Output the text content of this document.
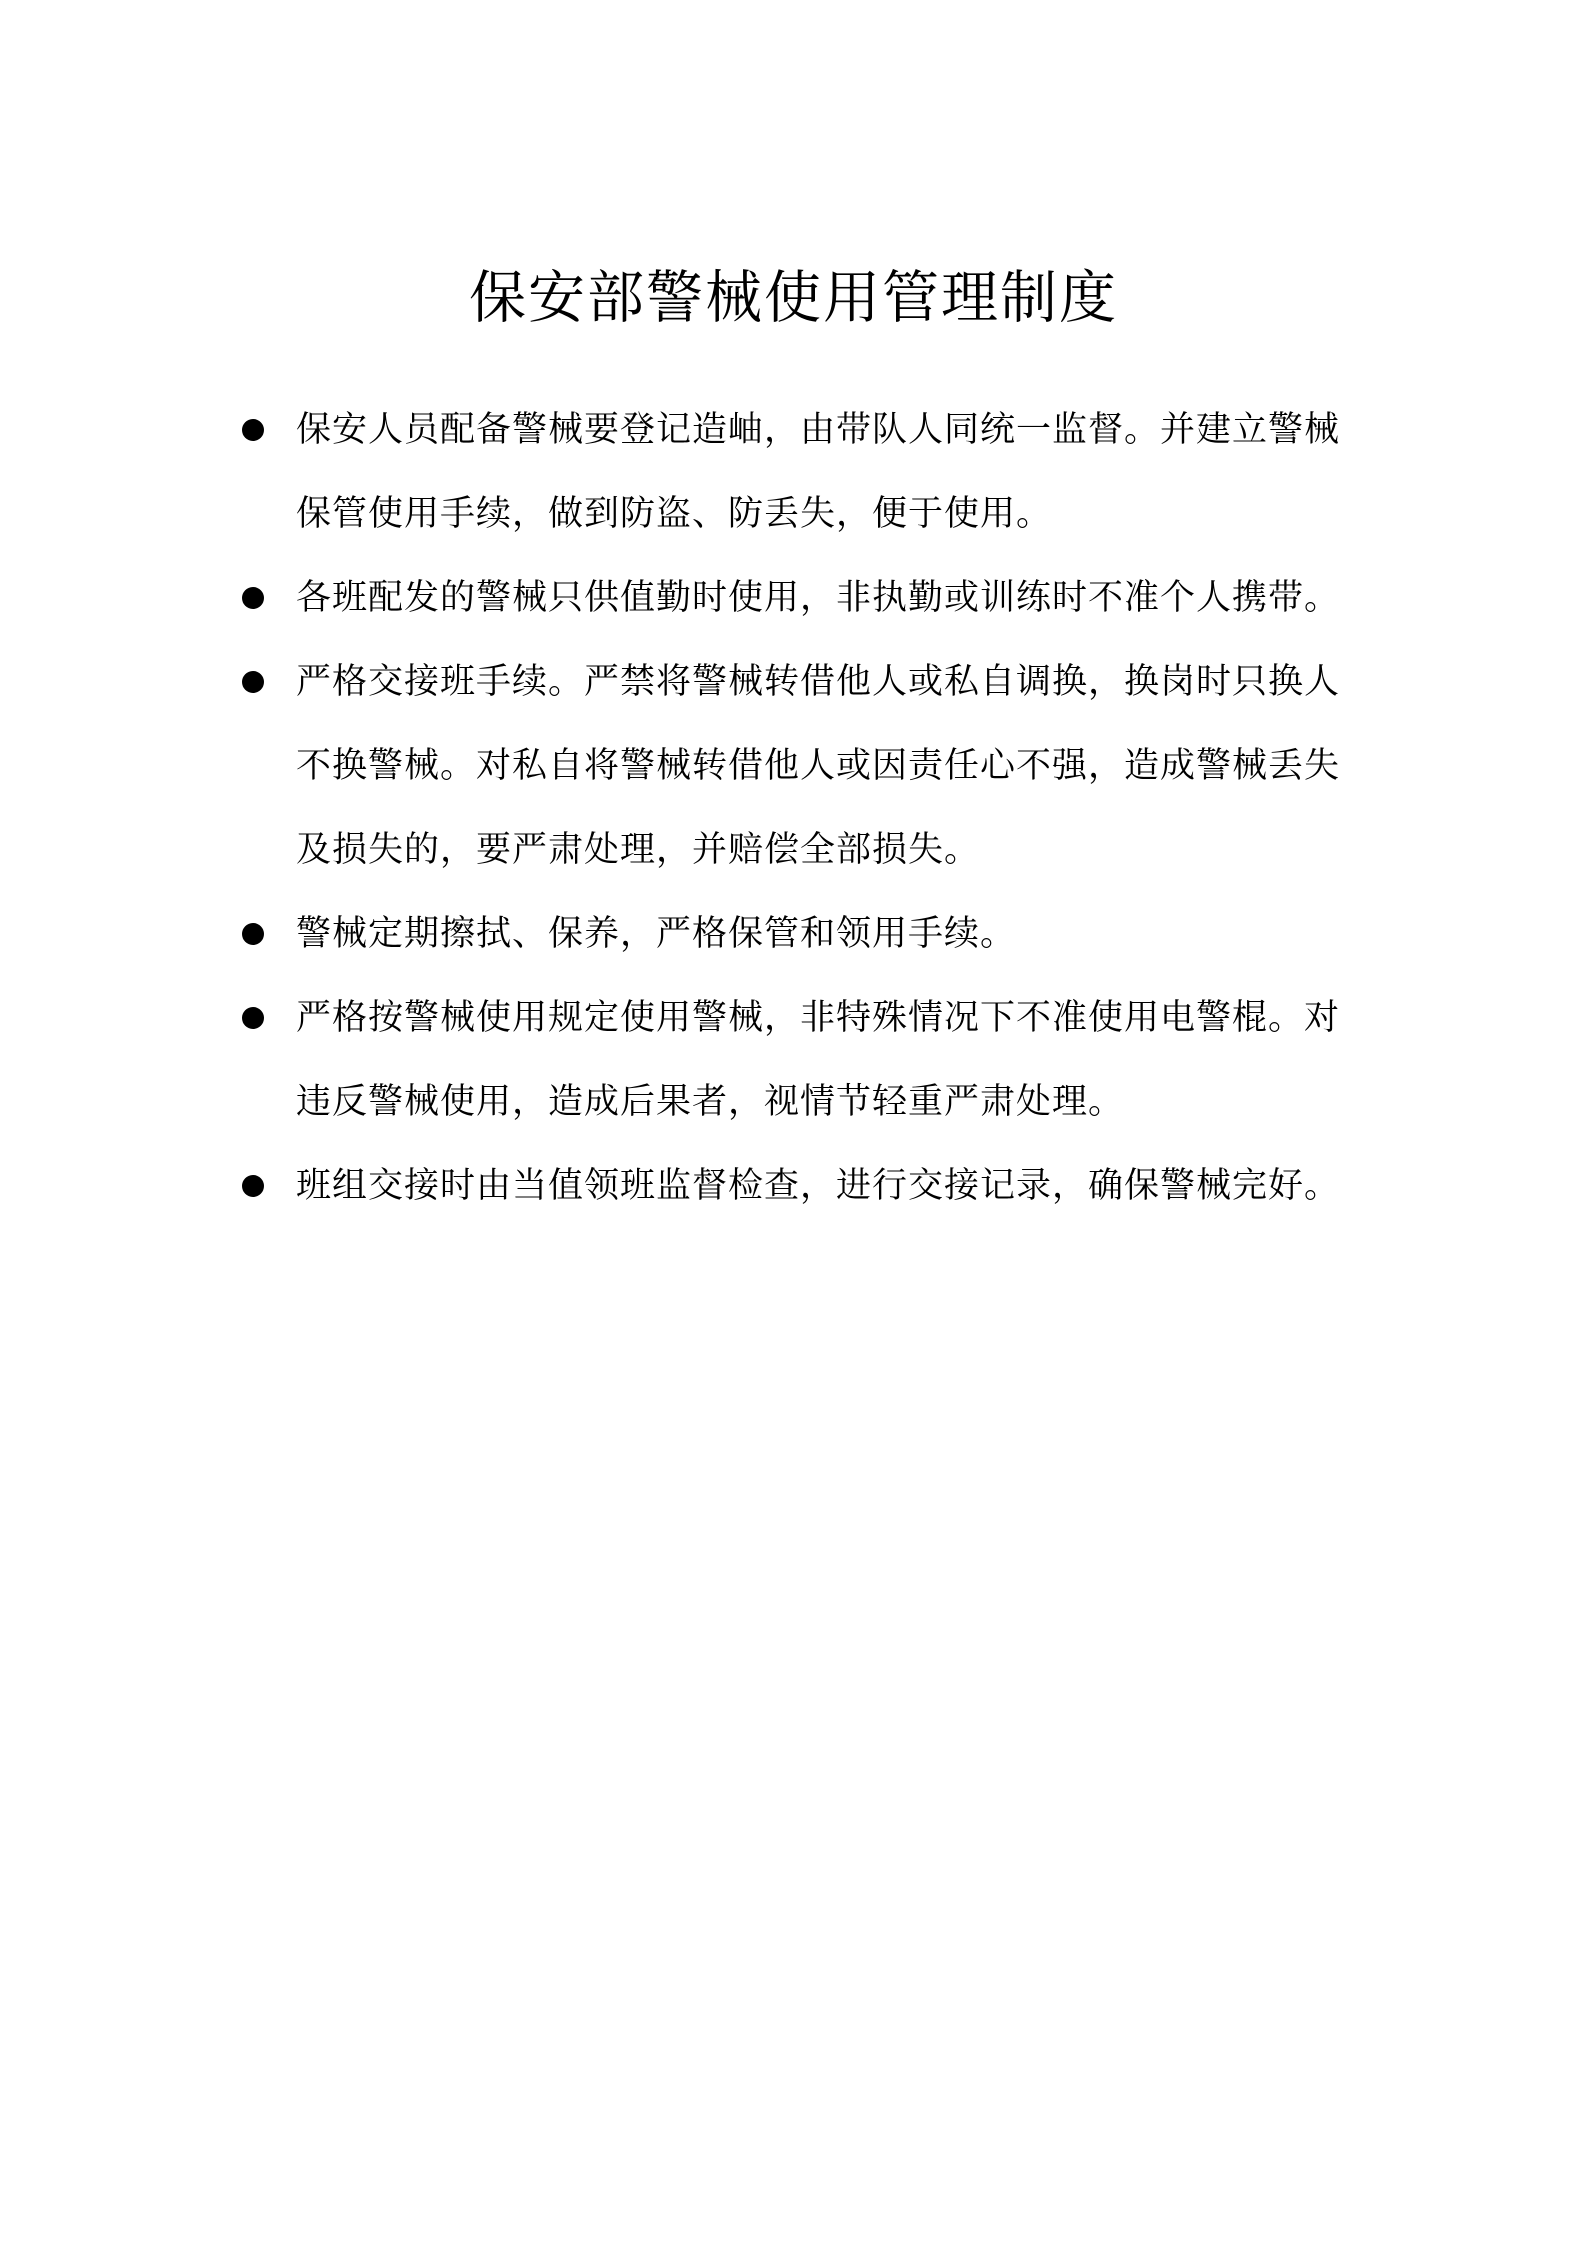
保安部警械使用管理制度
保安人员配备警械要登记造岫，由带队人同统一监督。并建立警械保管使用手续，做到防盗、防丢失，便于使用。
各班配发的警械只供值勤时使用，非执勤或训练时不准个人携带。
严格交接班手续。严禁将警械转借他人或私自调换，换岗时只换人不换警械。对私自将警械转借他人或因责任心不强，造成警械丢失及损失的，要严肃处理，并赔偿全部损失。
警械定期擦拭、保养，严格保管和领用手续。
严格按警械使用规定使用警械，非特殊情况下不准使用电警棍。对违反警械使用，造成后果者，视情节轻重严肃处理。
班组交接时由当值领班监督检查，进行交接记录，确保警械完好。
